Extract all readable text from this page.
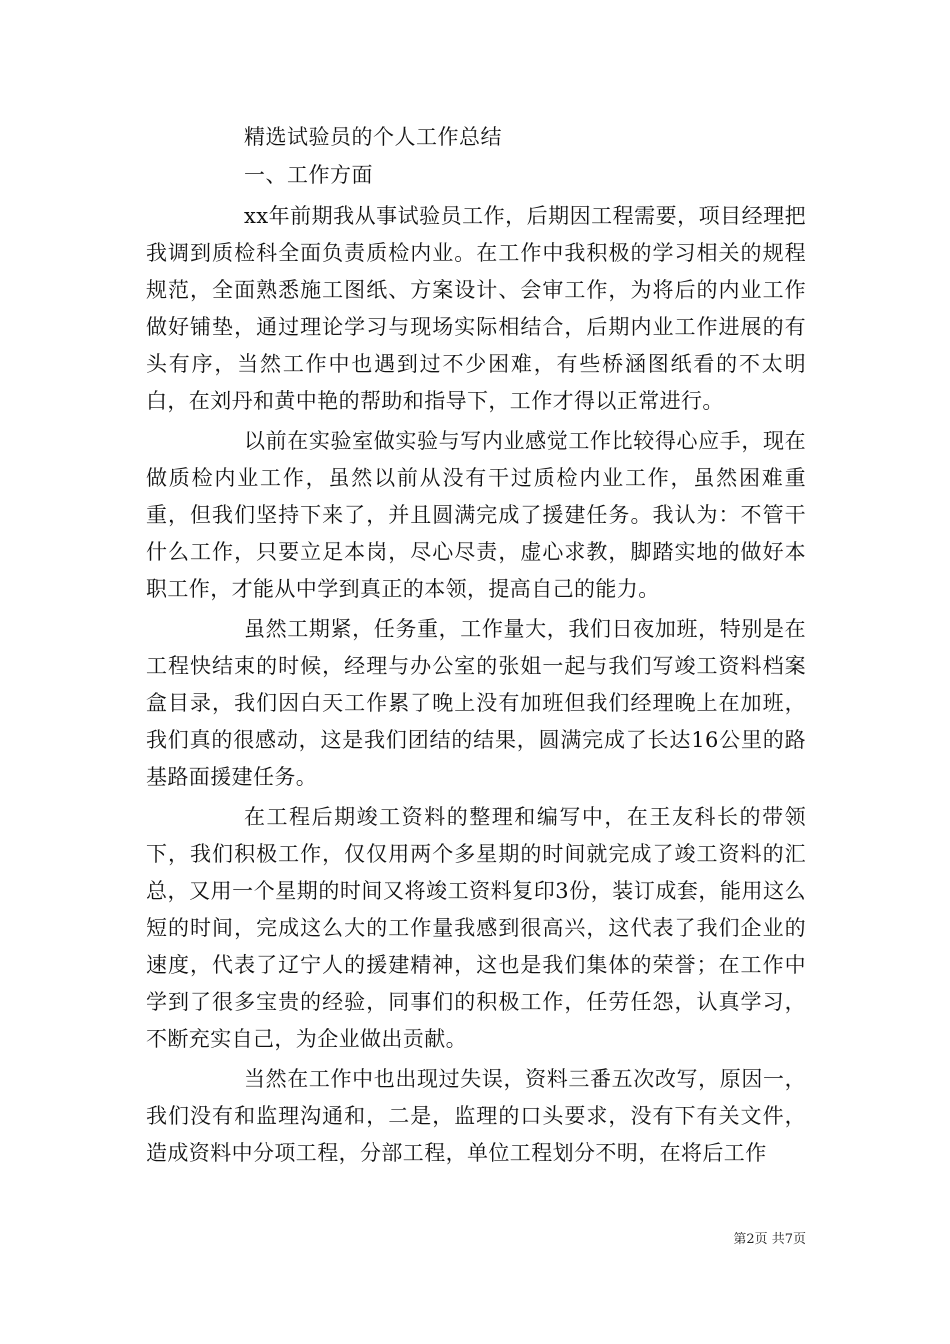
精选试验员的个人工作总结
一、工作方面

xx年前期我从事试验员工作，后期因工程需要，项目经理把我调到质检科全面负责质检内业。在工作中我积极的学习相关的规程规范，全面熟悉施工图纸、方案设计、会审工作，为将后的内业工作做好铺垫，通过理论学习与现场实际相结合，后期内业工作进展的有头有序，当然工作中也遇到过不少困难，有些桥涵图纸看的不太明白，在刘丹和黄中艳的帮助和指导下，工作才得以正常进行。

以前在实验室做实验与写内业感觉工作比较得心应手，现在做质检内业工作，虽然以前从没有干过质检内业工作，虽然困难重重，但我们坚持下来了，并且圆满完成了援建任务。我认为：不管干什么工作，只要立足本岗，尽心尽责，虚心求教，脚踏实地的做好本职工作，才能从中学到真正的本领，提高自己的能力。

虽然工期紧，任务重，工作量大，我们日夜加班，特别是在工程快结束的时候，经理与办公室的张姐一起与我们写竣工资料档案盒目录，我们因白天工作累了晚上没有加班但我们经理晚上在加班，我们真的很感动，这是我们团结的结果，圆满完成了长达16公里的路基路面援建任务。

在工程后期竣工资料的整理和编写中，在王友科长的带领下，我们积极工作，仅仅用两个多星期的时间就完成了竣工资料的汇总，又用一个星期的时间又将竣工资料复印3份，装订成套，能用这么短的时间，完成这么大的工作量我感到很高兴，这代表了我们企业的速度，代表了辽宁人的援建精神，这也是我们集体的荣誉；在工作中学到了很多宝贵的经验，同事们的积极工作，任劳任怨，认真学习，不断充实自己，为企业做出贡献。

当然在工作中也出现过失误，资料三番五次改写，原因一，我们没有和监理沟通和，二是，监理的口头要求，没有下有关文件，造成资料中分项工程，分部工程，单位工程划分不明，在将后工作

第2页 共7页
